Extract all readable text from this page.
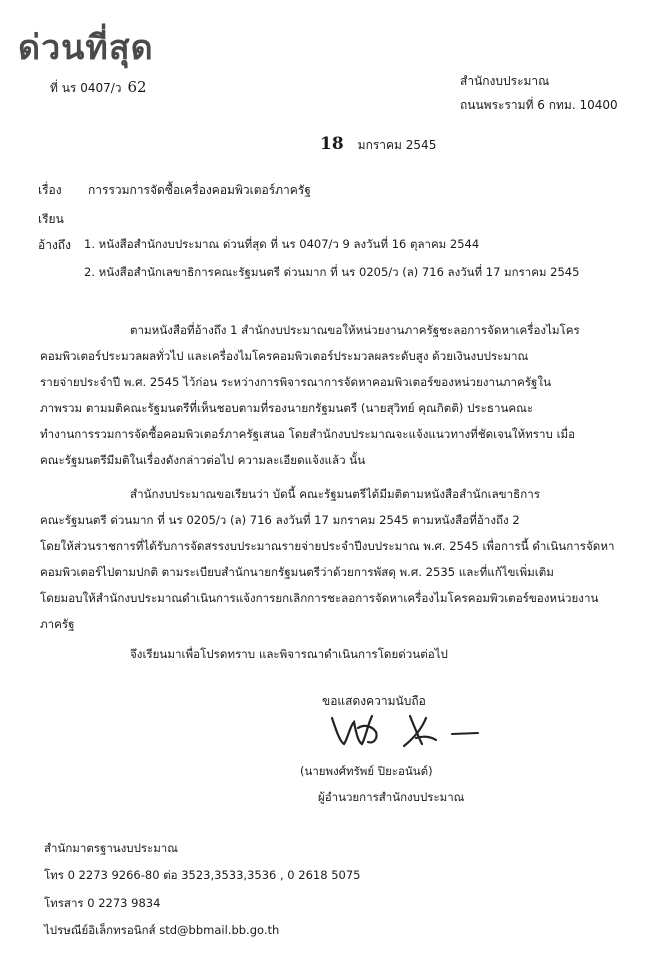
ด่วนที่สุด
ที่ นร 0407/ว 62	สำนักงบประมาณ
ถนนพระรามที่ 6 กทม. 10400
18 มกราคม 2545
เรื่อง การรวมการจัดซื้อเครื่องคอมพิวเตอร์ภาครัฐ
เรียน
อ้างถึง 1. หนังสือสำนักงบประมาณ ด่วนที่สุด ที่ นร 0407/ว 9 ลงวันที่ 16 ตุลาคม 2544
2. หนังสือสำนักเลขาธิการคณะรัฐมนตรี ด่วนมาก ที่ นร 0205/ว (ล) 716 ลงวันที่ 17 มกราคม 2545
ตามหนังสือที่อ้างถึง 1 สำนักงบประมาณขอให้หน่วยงานภาครัฐชะลอการจัดหาเครื่องไมโคร
คอมพิวเตอร์ประมวลผลทั่วไป และเครื่องไมโครคอมพิวเตอร์ประมวลผลระดับสูง ด้วยเงินงบประมาณ
รายจ่ายประจำปี พ.ศ. 2545 ไว้ก่อน ระหว่างการพิจารณาการจัดหาคอมพิวเตอร์ของหน่วยงานภาครัฐใน
ภาพรวม ตามมติคณะรัฐมนตรีที่เห็นชอบตามที่รองนายกรัฐมนตรี (นายสุวิทย์ คุณกิตติ) ประธานคณะ
ทำงานการรวมการจัดซื้อคอมพิวเตอร์ภาครัฐเสนอ โดยสำนักงบประมาณจะแจ้งแนวทางที่ชัดเจนให้ทราบ เมื่อ
คณะรัฐมนตรีมีมติในเรื่องดังกล่าวต่อไป ความละเอียดแจ้งแล้ว นั้น
สำนักงบประมาณขอเรียนว่า บัดนี้ คณะรัฐมนตรีได้มีมติตามหนังสือสำนักเลขาธิการ
คณะรัฐมนตรี ด่วนมาก ที่ นร 0205/ว (ล) 716 ลงวันที่ 17 มกราคม 2545 ตามหนังสือที่อ้างถึง 2
โดยให้ส่วนราชการที่ได้รับการจัดสรรงบประมาณรายจ่ายประจำปีงบประมาณ พ.ศ. 2545 เพื่อการนี้ ดำเนินการจัดหา
คอมพิวเตอร์ไปตามปกติ ตามระเบียบสำนักนายกรัฐมนตรีว่าด้วยการพัสดุ พ.ศ. 2535 และที่แก้ไขเพิ่มเติม
โดยมอบให้สำนักงบประมาณดำเนินการแจ้งการยกเลิกการชะลอการจัดหาเครื่องไมโครคอมพิวเตอร์ของหน่วยงาน
ภาครัฐ
จึงเรียนมาเพื่อโปรดทราบ และพิจารณาดำเนินการโดยด่วนต่อไป
ขอแสดงความนับถือ
(นายพงศ์ทรัพย์ ปิยะอนันต์)
ผู้อำนวยการสำนักงบประมาณ
สำนักมาตรฐานงบประมาณ
โทร 0 2273 9266-80 ต่อ 3523,3533,3536 , 0 2618 5075
โทรสาร 0 2273 9834
ไปรษณีย์อิเล็กทรอนิกส์ std@bbmail.bb.go.th
